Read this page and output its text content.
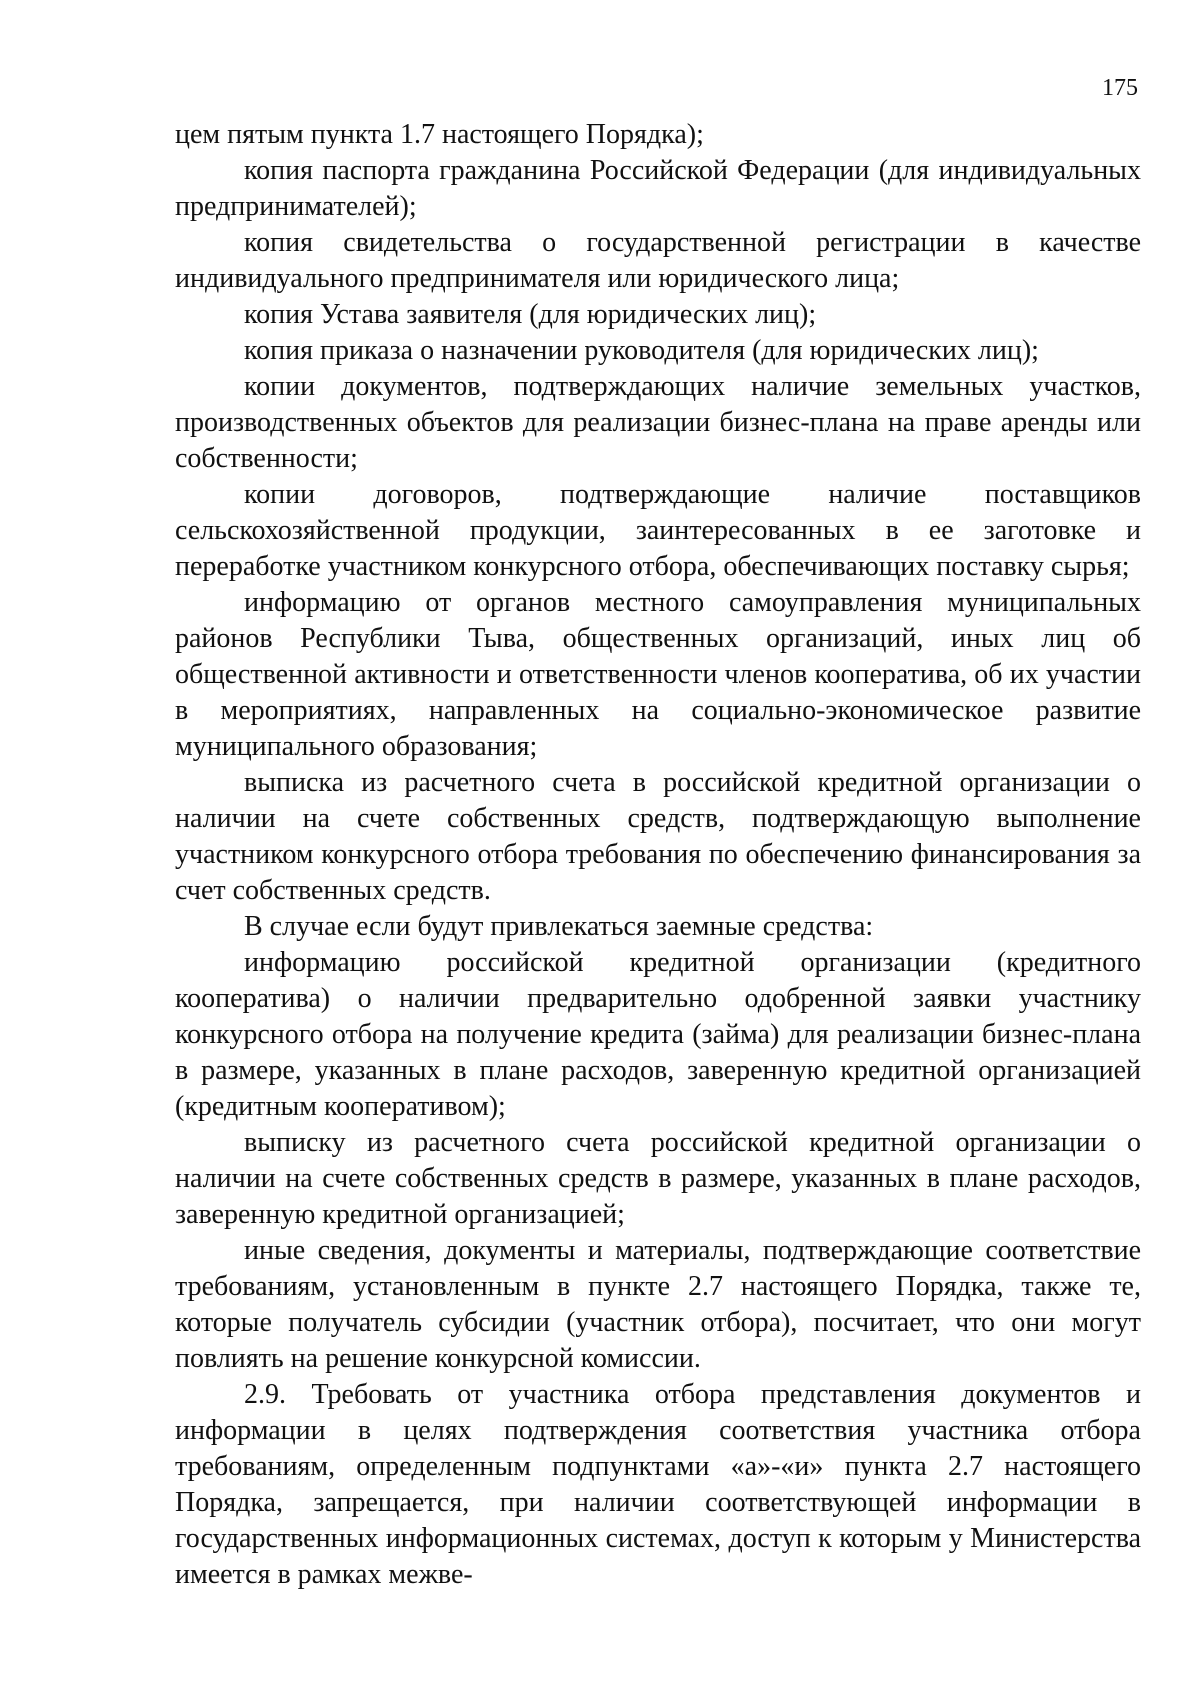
175

цем пятым пункта 1.7 настоящего Порядка);

копия паспорта гражданина Российской Федерации (для индивидуальных предпринимателей);

копия свидетельства о государственной регистрации в качестве индивидуального предпринимателя или юридического лица;

копия Устава заявителя (для юридических лиц);

копия приказа о назначении руководителя (для юридических лиц);

копии документов, подтверждающих наличие земельных участков, производственных объектов для реализации бизнес-плана на праве аренды или собственности;

копии договоров, подтверждающие наличие поставщиков сельскохозяйственной продукции, заинтересованных в ее заготовке и переработке участником конкурсного отбора, обеспечивающих поставку сырья;

информацию от органов местного самоуправления муниципальных районов Республики Тыва, общественных организаций, иных лиц об общественной активности и ответственности членов кооператива, об их участии в мероприятиях, направленных на социально-экономическое развитие муниципального образования;

выписка из расчетного счета в российской кредитной организации о наличии на счете собственных средств, подтверждающую выполнение участником конкурсного отбора требования по обеспечению финансирования за счет собственных средств.

В случае если будут привлекаться заемные средства:

информацию российской кредитной организации (кредитного кооператива) о наличии предварительно одобренной заявки участнику конкурсного отбора на получение кредита (займа) для реализации бизнес-плана в размере, указанных в плане расходов, заверенную кредитной организацией (кредитным кооперативом);

выписку из расчетного счета российской кредитной организации о наличии на счете собственных средств в размере, указанных в плане расходов, заверенную кредитной организацией;

иные сведения, документы и материалы, подтверждающие соответствие требованиям, установленным в пункте 2.7 настоящего Порядка, также те, которые получатель субсидии (участник отбора), посчитает, что они могут повлиять на решение конкурсной комиссии.

2.9. Требовать от участника отбора представления документов и информации в целях подтверждения соответствия участника отбора требованиям, определенным подпунктами «а»-«и» пункта 2.7 настоящего Порядка, запрещается, при наличии соответствующей информации в государственных информационных системах, доступ к которым у Министерства имеется в рамках межве-
